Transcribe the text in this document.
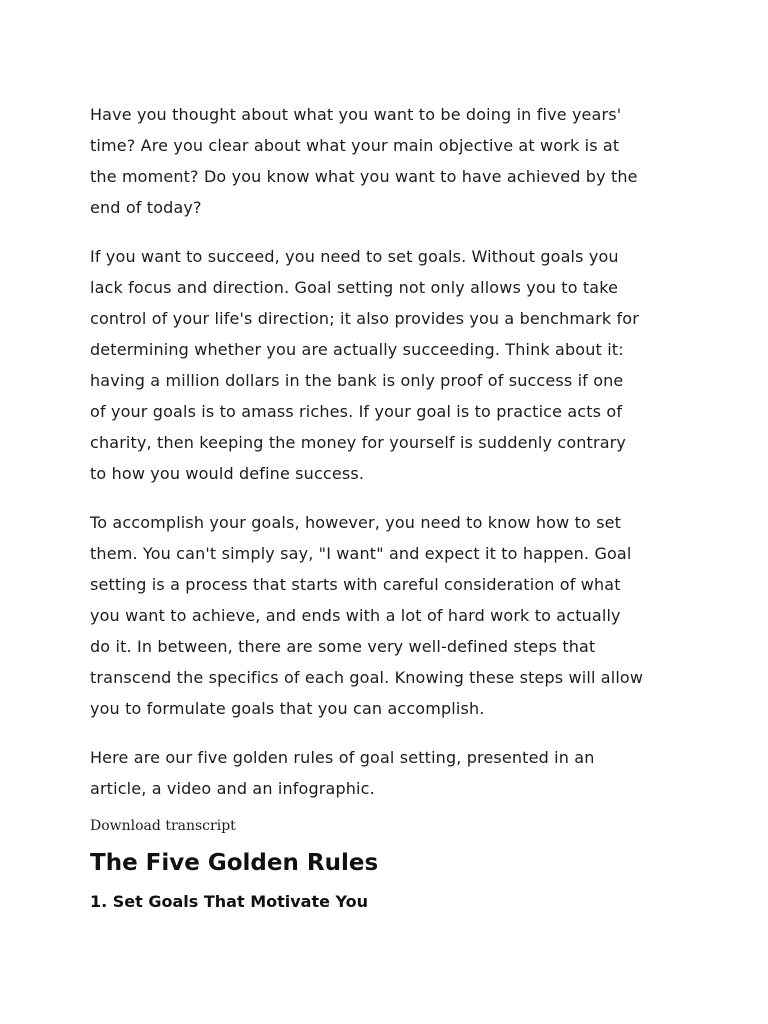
Have you thought about what you want to be doing in five years'
time? Are you clear about what your main objective at work is at
the moment? Do you know what you want to have achieved by the
end of today?

If you want to succeed, you need to set goals. Without goals you
lack focus and direction. Goal setting not only allows you to take
control of your life's direction; it also provides you a benchmark for
determining whether you are actually succeeding. Think about it:
having a million dollars in the bank is only proof of success if one
of your goals is to amass riches. If your goal is to practice acts of
charity, then keeping the money for yourself is suddenly contrary
to how you would define success.

To accomplish your goals, however, you need to know how to set
them. You can't simply say, "I want" and expect it to happen. Goal
setting is a process that starts with careful consideration of what
you want to achieve, and ends with a lot of hard work to actually
do it. In between, there are some very well-defined steps that
transcend the specifics of each goal. Knowing these steps will allow
you to formulate goals that you can accomplish.

Here are our five golden rules of goal setting, presented in an
article, a video and an infographic.

Download transcript
The Five Golden Rules
1. Set Goals That Motivate You
